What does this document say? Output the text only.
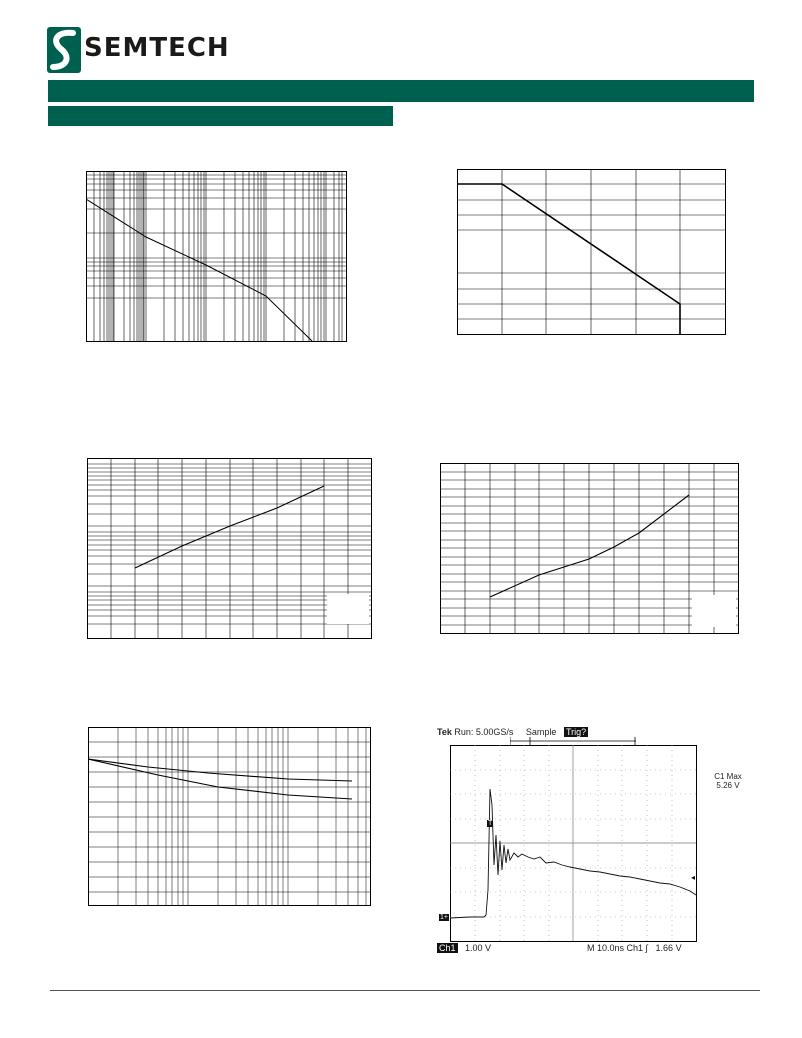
SEMTECH
Tek Run: 5.00GS/s Sample Trig?
1+
T
◂
C1 Max
5.26 V
Ch1 1.00 V	M 10.0ns Ch1 ∫ 1.66 V
